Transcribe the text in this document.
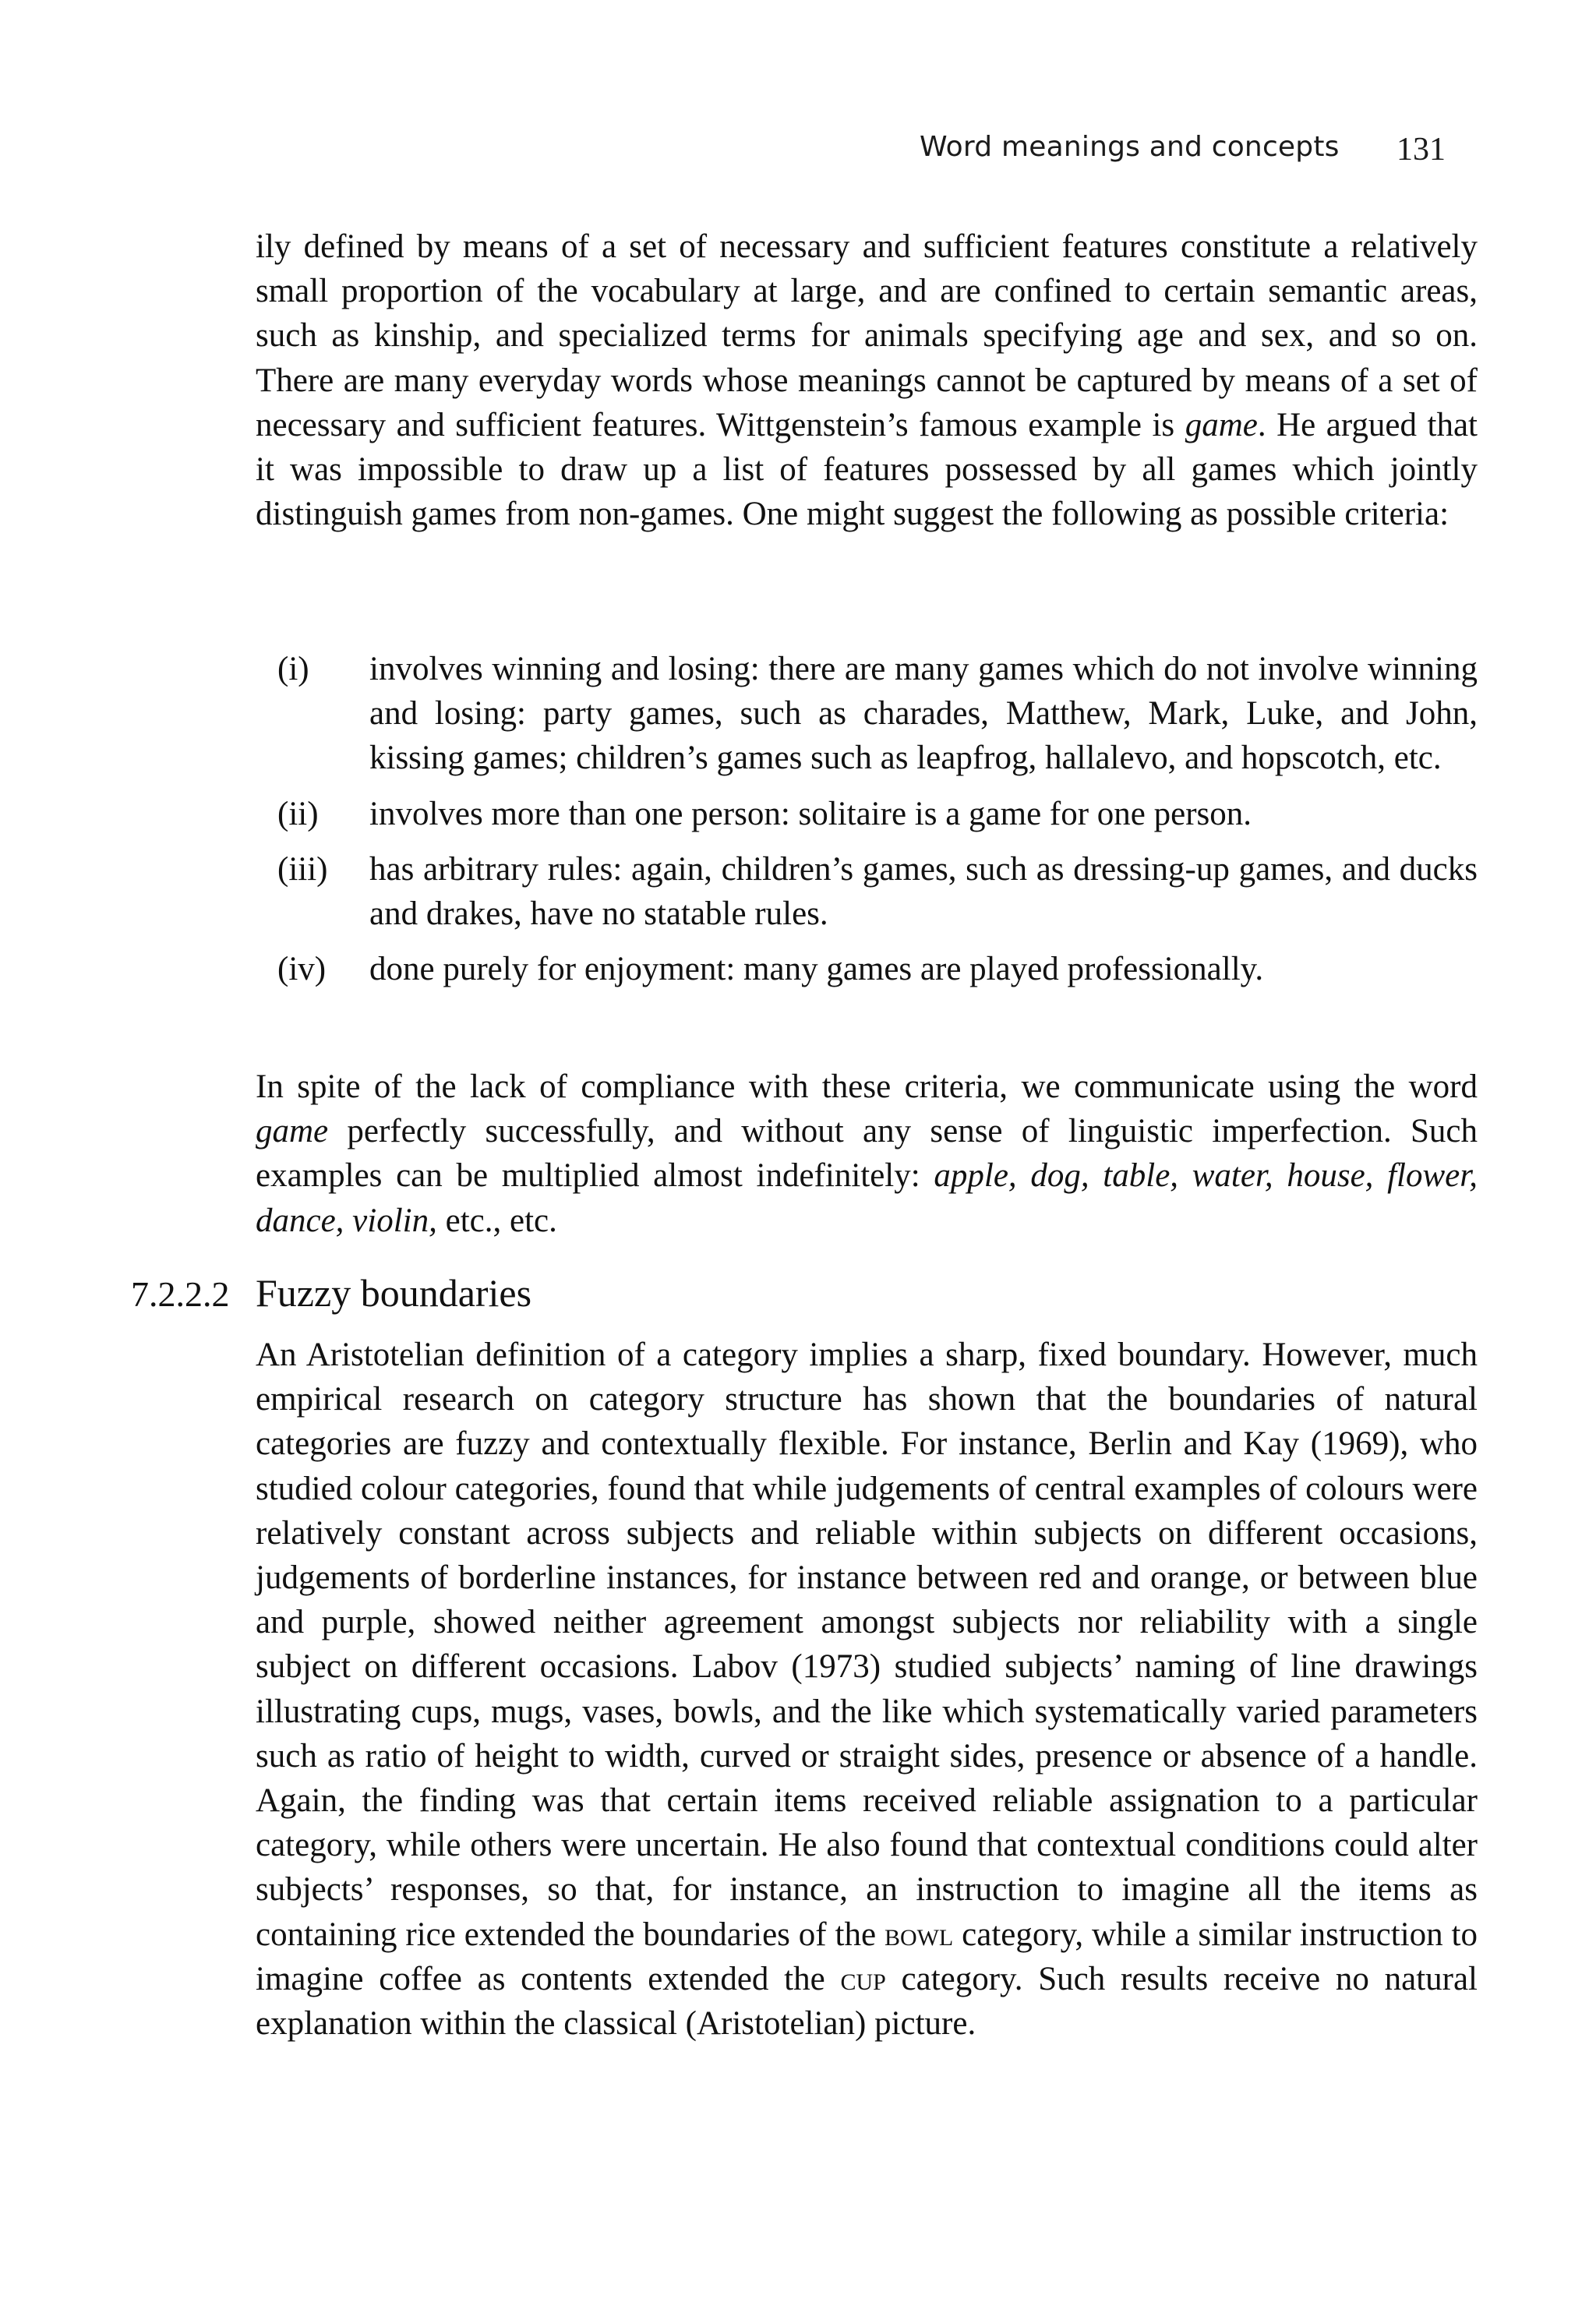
Word meanings and concepts 131

ily defined by means of a set of necessary and sufficient features constitute a relatively small proportion of the vocabulary at large, and are confined to certain semantic areas, such as kinship, and specialized terms for animals specifying age and sex, and so on. There are many everyday words whose meanings cannot be captured by means of a set of necessary and sufficient features. Wittgenstein’s famous example is game. He argued that it was impossible to draw up a list of features possessed by all games which jointly distinguish games from non-games. One might suggest the following as possible criteria:

(i)	involves winning and losing: there are many games which do not involve winning and losing: party games, such as charades, Matthew, Mark, Luke, and John, kissing games; children’s games such as leapfrog, hallalevo, and hopscotch, etc.
(ii)	involves more than one person: solitaire is a game for one person.
(iii)	has arbitrary rules: again, children’s games, such as dressing-up games, and ducks and drakes, have no statable rules.
(iv)	done purely for enjoyment: many games are played professionally.

In spite of the lack of compliance with these criteria, we communicate using the word game perfectly successfully, and without any sense of linguistic imperfection. Such examples can be multiplied almost indefinitely: apple, dog, table, water, house, flower, dance, violin, etc., etc.

7.2.2.2 Fuzzy boundaries

An Aristotelian definition of a category implies a sharp, fixed boundary. However, much empirical research on category structure has shown that the boundaries of natural categories are fuzzy and contextually flexible. For instance, Berlin and Kay (1969), who studied colour categories, found that while judgements of central examples of colours were relatively constant across subjects and reliable within subjects on different occasions, judgements of borderline instances, for instance between red and orange, or between blue and purple, showed neither agreement amongst subjects nor reliability with a single subject on different occasions. Labov (1973) studied subjects’ naming of line drawings illustrating cups, mugs, vases, bowls, and the like which systematically varied parameters such as ratio of height to width, curved or straight sides, presence or absence of a handle. Again, the finding was that certain items received reliable assignation to a particular category, while others were uncertain. He also found that contextual conditions could alter subjects’ responses, so that, for instance, an instruction to imagine all the items as containing rice extended the boundaries of the bowl category, while a similar instruction to imagine coffee as contents extended the cup category. Such results receive no natural explanation within the classical (Aristotelian) picture.
